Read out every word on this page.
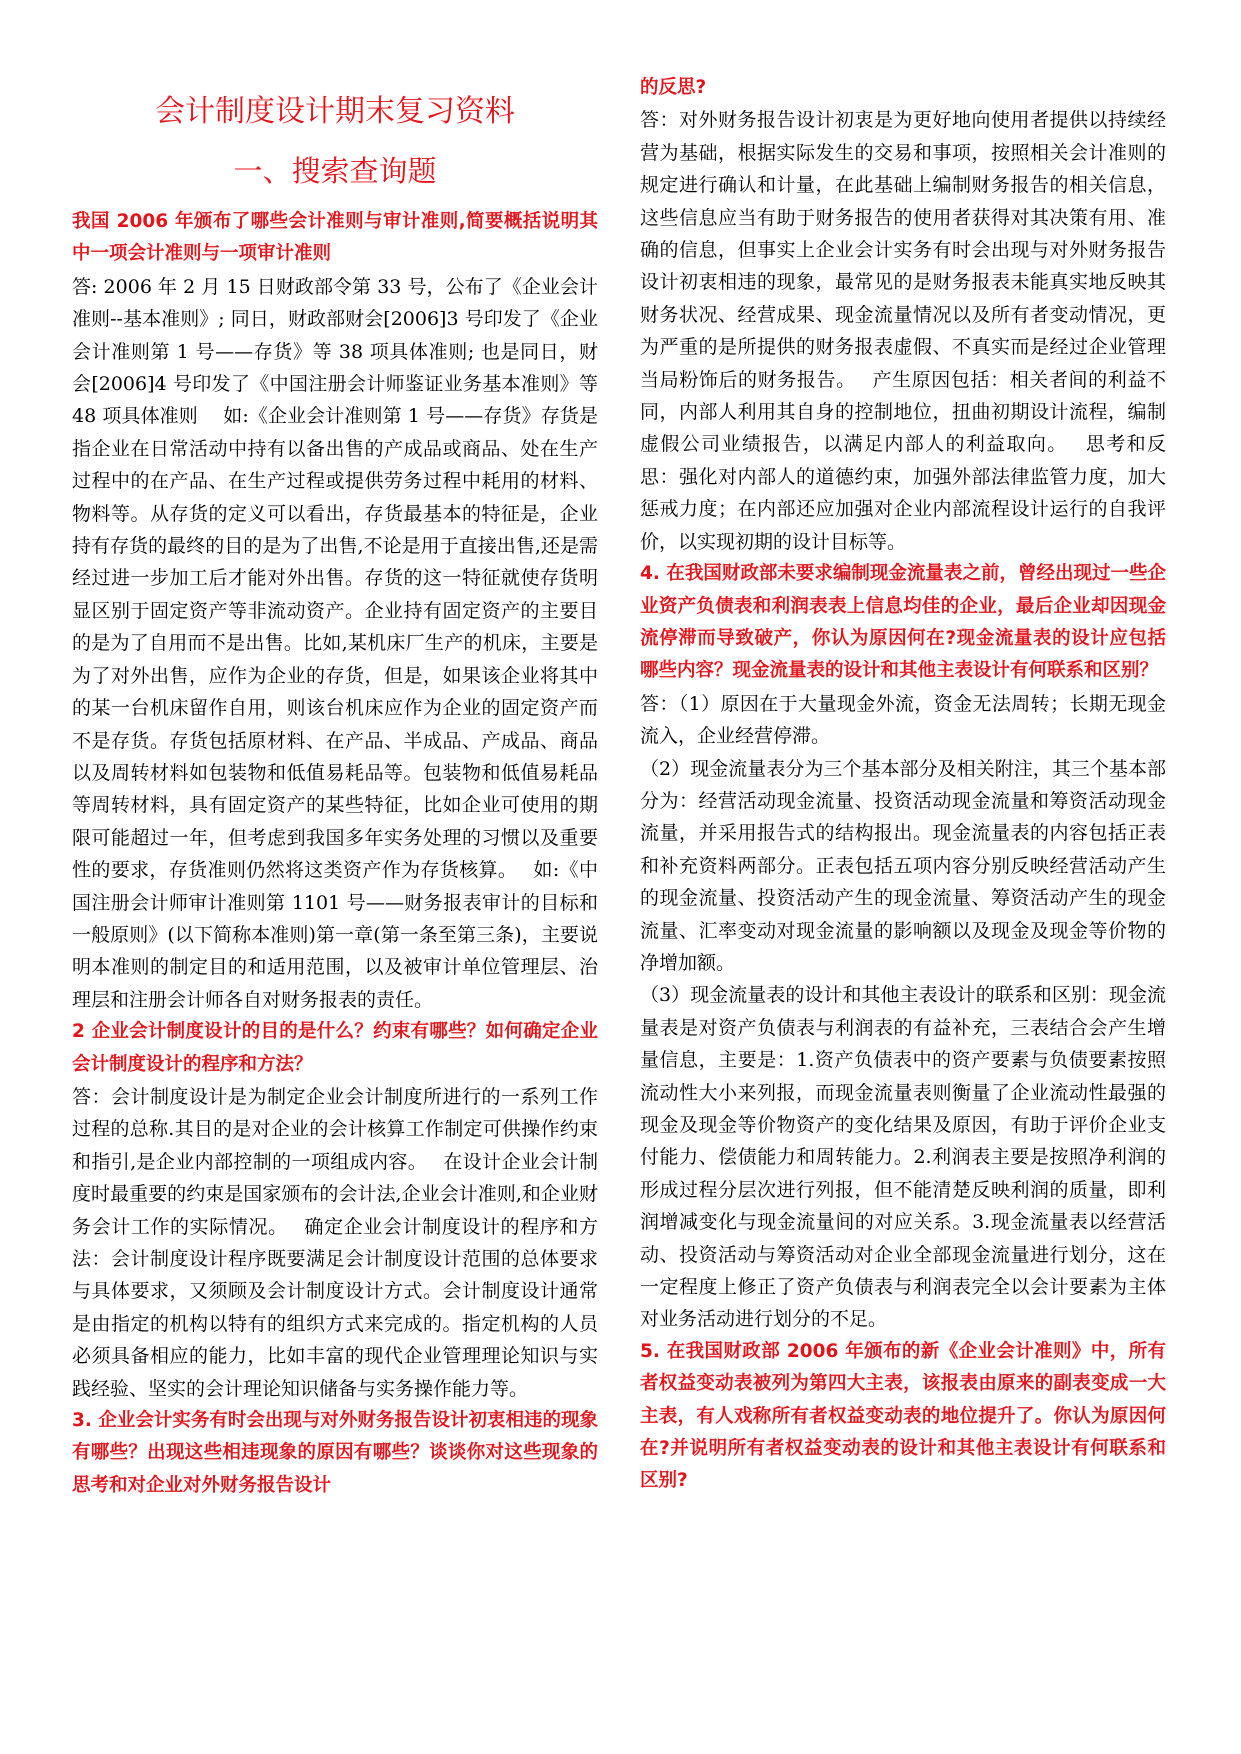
会计制度设计期末复习资料
一、搜索查询题

我国 2006 年颁布了哪些会计准则与审计准则,简要概括说明其中一项会计准则与一项审计准则

答: 2006 年 2 月 15 日财政部令第 33 号，公布了《企业会计准则--基本准则》; 同日，财政部财会[2006]3 号印发了《企业会计准则第 1 号——存货》等 38 项具体准则; 也是同日，财会[2006]4 号印发了《中国注册会计师鉴证业务基本准则》等 48 项具体准则　 如:《企业会计准则第 1 号——存货》存货是指企业在日常活动中持有以备出售的产成品或商品、处在生产过程中的在产品、在生产过程或提供劳务过程中耗用的材料、物料等。从存货的定义可以看出，存货最基本的特征是，企业持有存货的最终的目的是为了出售,不论是用于直接出售,还是需经过进一步加工后才能对外出售。存货的这一特征就使存货明显区别于固定资产等非流动资产。企业持有固定资产的主要目的是为了自用而不是出售。比如,某机床厂生产的机床，主要是为了对外出售，应作为企业的存货，但是，如果该企业将其中的某一台机床留作自用，则该台机床应作为企业的固定资产而不是存货。存货包括原材料、在产品、半成品、产成品、商品以及周转材料如包装物和低值易耗品等。包装物和低值易耗品等周转材料，具有固定资产的某些特征，比如企业可使用的期限可能超过一年，但考虑到我国多年实务处理的习惯以及重要性的要求，存货准则仍然将这类资产作为存货核算。　 如:《中国注册会计师审计准则第 1101 号——财务报表审计的目标和一般原则》(以下简称本准则)第一章(第一条至第三条)，主要说明本准则的制定目的和适用范围，以及被审计单位管理层、治理层和注册会计师各自对财务报表的责任。

2 企业会计制度设计的目的是什么？约束有哪些？如何确定企业会计制度设计的程序和方法？

答：会计制度设计是为制定企业会计制度所进行的一系列工作过程的总称.其目的是对企业的会计核算工作制定可供操作约束和指引,是企业内部控制的一项组成内容。　 在设计企业会计制度时最重要的约束是国家颁布的会计法,企业会计准则,和企业财务会计工作的实际情况。　 确定企业会计制度设计的程序和方法：会计制度设计程序既要满足会计制度设计范围的总体要求与具体要求，又须顾及会计制度设计方式。会计制度设计通常是由指定的机构以特有的组织方式来完成的。指定机构的人员必须具备相应的能力，比如丰富的现代企业管理理论知识与实践经验、坚实的会计理论知识储备与实务操作能力等。

3. 企业会计实务有时会出现与对外财务报告设计初衷相违的现象有哪些？出现这些相违现象的原因有哪些？谈谈你对这些现象的思考和对企业对外财务报告设计

的反思?

答：对外财务报告设计初衷是为更好地向使用者提供以持续经营为基础，根据实际发生的交易和事项，按照相关会计准则的规定进行确认和计量，在此基础上编制财务报告的相关信息，这些信息应当有助于财务报告的使用者获得对其决策有用、准确的信息，但事实上企业会计实务有时会出现与对外财务报告设计初衷相违的现象，最常见的是财务报表未能真实地反映其财务状况、经营成果、现金流量情况以及所有者变动情况，更为严重的是所提供的财务报表虚假、不真实而是经过企业管理当局粉饰后的财务报告。　 产生原因包括：相关者间的利益不同，内部人利用其自身的控制地位，扭曲初期设计流程，编制虚假公司业绩报告，以满足内部人的利益取向。　 思考和反思：强化对内部人的道德约束，加强外部法律监管力度，加大惩戒力度；在内部还应加强对企业内部流程设计运行的自我评价，以实现初期的设计目标等。

4. 在我国财政部未要求编制现金流量表之前，曾经出现过一些企业资产负债表和利润表表上信息均佳的企业，最后企业却因现金流停滞而导致破产，你认为原因何在?现金流量表的设计应包括哪些内容？现金流量表的设计和其他主表设计有何联系和区别？

答：（1）原因在于大量现金外流，资金无法周转；长期无现金流入，企业经营停滞。

（2）现金流量表分为三个基本部分及相关附注，其三个基本部分为：经营活动现金流量、投资活动现金流量和筹资活动现金流量，并采用报告式的结构报出。现金流量表的内容包括正表和补充资料两部分。正表包括五项内容分别反映经营活动产生的现金流量、投资活动产生的现金流量、筹资活动产生的现金流量、汇率变动对现金流量的影响额以及现金及现金等价物的净增加额。

（3）现金流量表的设计和其他主表设计的联系和区别：现金流量表是对资产负债表与利润表的有益补充，三表结合会产生增量信息，主要是：1.资产负债表中的资产要素与负债要素按照流动性大小来列报，而现金流量表则衡量了企业流动性最强的现金及现金等价物资产的变化结果及原因，有助于评价企业支付能力、偿债能力和周转能力。2.利润表主要是按照净利润的形成过程分层次进行列报，但不能清楚反映利润的质量，即利润增减变化与现金流量间的对应关系。3.现金流量表以经营活动、投资活动与筹资活动对企业全部现金流量进行划分，这在一定程度上修正了资产负债表与利润表完全以会计要素为主体对业务活动进行划分的不足。

5. 在我国财政部 2006 年颁布的新《企业会计准则》中，所有者权益变动表被列为第四大主表，该报表由原来的副表变成一大主表，有人戏称所有者权益变动表的地位提升了。你认为原因何在?并说明所有者权益变动表的设计和其他主表设计有何联系和区别?
